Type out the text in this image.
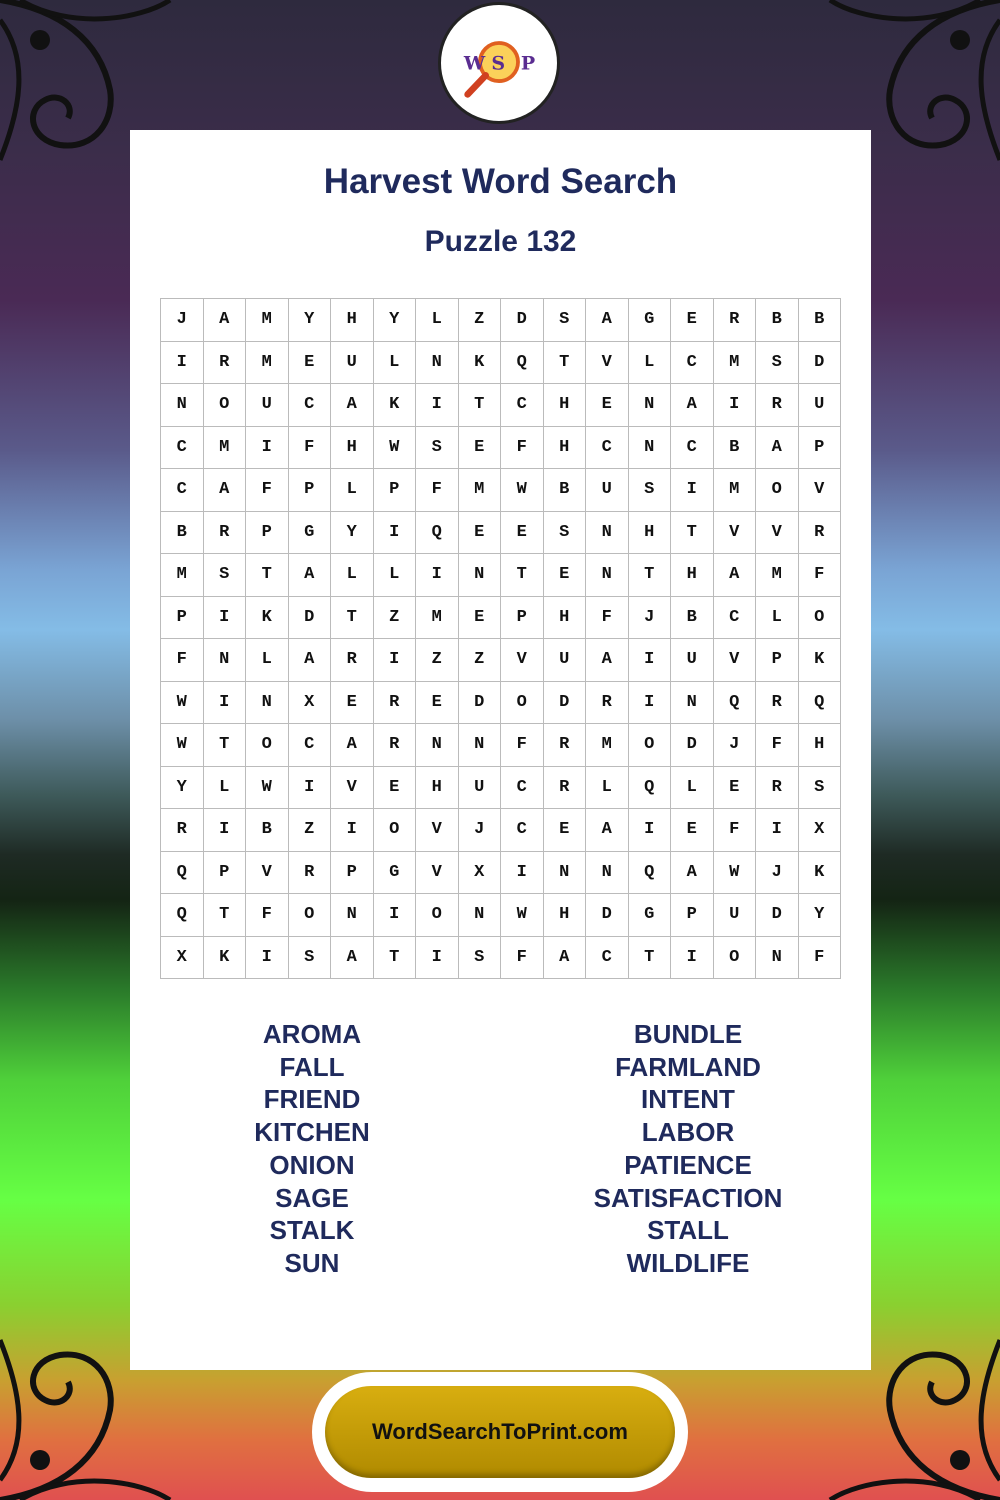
W S P
Harvest Word Search
Puzzle 132
J	A	M	Y	H	Y	L	Z	D	S	A	G	E	R	B	B
I	R	M	E	U	L	N	K	Q	T	V	L	C	M	S	D
N	O	U	C	A	K	I	T	C	H	E	N	A	I	R	U
C	M	I	F	H	W	S	E	F	H	C	N	C	B	A	P
C	A	F	P	L	P	F	M	W	B	U	S	I	M	O	V
B	R	P	G	Y	I	Q	E	E	S	N	H	T	V	V	R
M	S	T	A	L	L	I	N	T	E	N	T	H	A	M	F
P	I	K	D	T	Z	M	E	P	H	F	J	B	C	L	O
F	N	L	A	R	I	Z	Z	V	U	A	I	U	V	P	K
W	I	N	X	E	R	E	D	O	D	R	I	N	Q	R	Q
W	T	O	C	A	R	N	N	F	R	M	O	D	J	F	H
Y	L	W	I	V	E	H	U	C	R	L	Q	L	E	R	S
R	I	B	Z	I	O	V	J	C	E	A	I	E	F	I	X
Q	P	V	R	P	G	V	X	I	N	N	Q	A	W	J	K
Q	T	F	O	N	I	O	N	W	H	D	G	P	U	D	Y
X	K	I	S	A	T	I	S	F	A	C	T	I	O	N	F
AROMA
FALL
FRIEND
KITCHEN
ONION
SAGE
STALK
SUN
BUNDLE
FARMLAND
INTENT
LABOR
PATIENCE
SATISFACTION
STALL
WILDLIFE
WordSearchToPrint.com
